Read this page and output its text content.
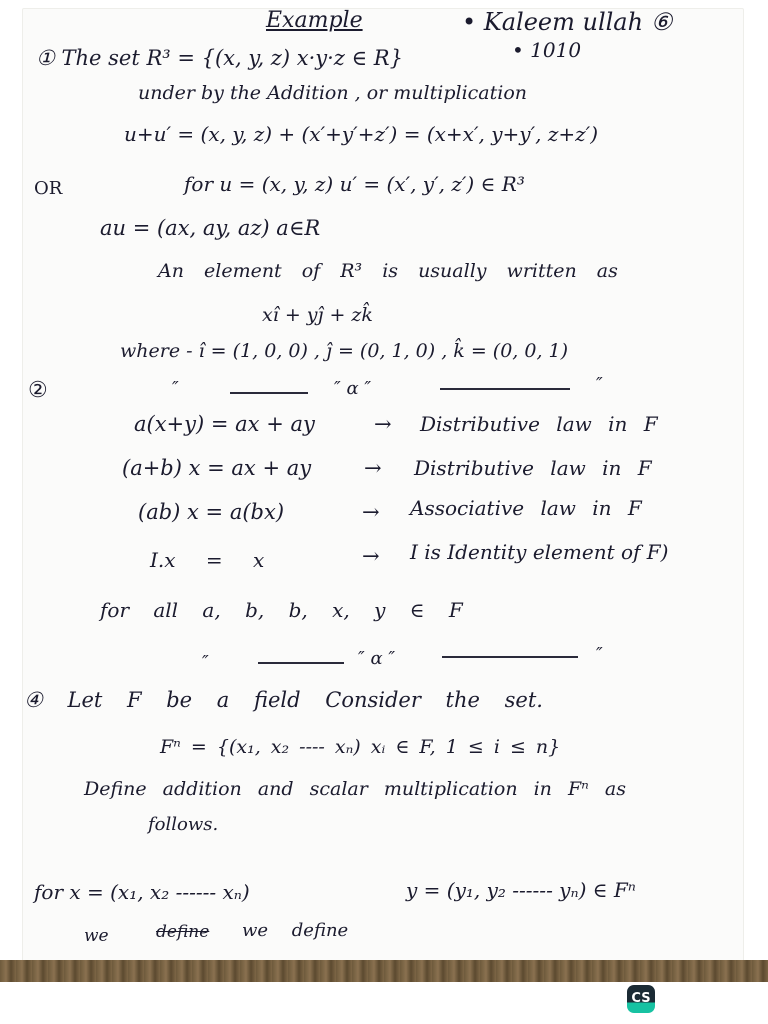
Example	• Kaleem ullah ⑥
• 1010
① The set R³ = {(x, y, z) x·y·z ∈ R}
under by the Addition , or multiplication
u+u′ = (x, y, z) + (x′+y′+z′) = (x+x′, y+y′, z+z′)
OR	for u = (x, y, z) u′ = (x′, y′, z′) ∈ R³
au = (ax, ay, az) a∈R
An element of R³ is usually written as
xî + yĵ + zk̂
where - î = (1, 0, 0) , ĵ = (0, 1, 0) , k̂ = (0, 0, 1)
″	″ α ″	″
②
a(x+y) = ax + ay	→ Distributive law in F
(a+b) x = ax + ay	→ Distributive law in F
(ab) x = a(bx)	→ Associative law in F
I.x = x	→ I is Identity element of F)
for all a, b, b, x, y ∈ F
″	″ α ″	″
④ Let F be a field Consider the set.
Fⁿ = {(x₁, x₂ ---- xₙ) xᵢ ∈ F, 1 ≤ i ≤ n}
Define addition and scalar multiplication in Fⁿ as
follows.
for x = (x₁, x₂ ------ xₙ)	y = (y₁, y₂ ------ yₙ) ∈ Fⁿ
we	define we define
CS
